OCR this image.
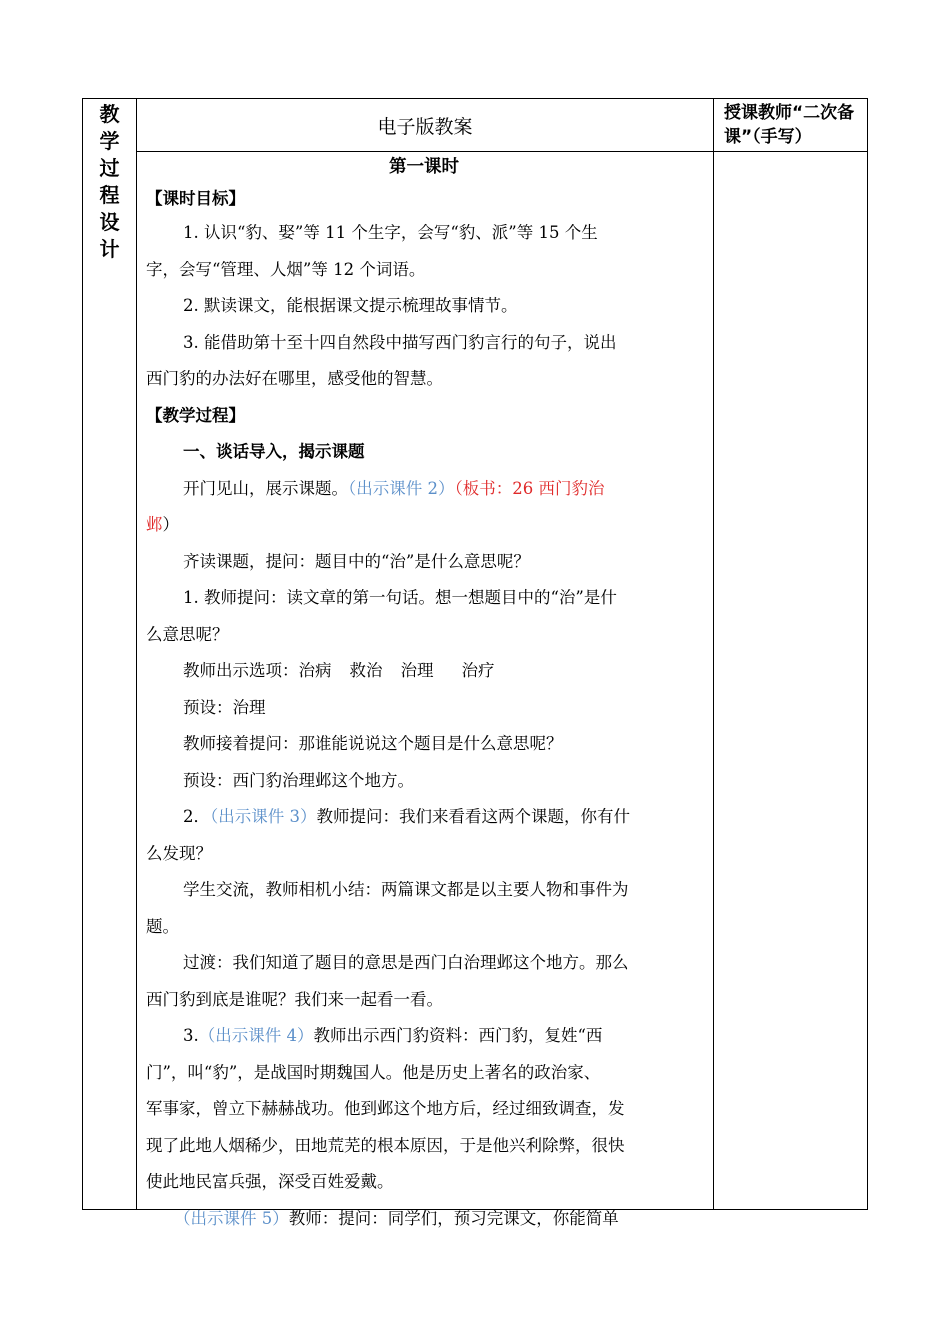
教
学
过
程
设
计
电子版教案
授课教师“二次备课”（手写）
第一课时
【课时目标】
1. 认识“豹、娶”等 11 个生字，会写“豹、派”等 15 个生
字，会写“管理、人烟”等 12 个词语。
2. 默读课文，能根据课文提示梳理故事情节。
3. 能借助第十至十四自然段中描写西门豹言行的句子，说出
西门豹的办法好在哪里，感受他的智慧。
【教学过程】
一、谈话导入，揭示课题
开门见山，展示课题。（出示课件 2）（板书：26 西门豹治
邺）
齐读课题，提问：题目中的“治”是什么意思呢？
1. 教师提问：读文章的第一句话。想一想题目中的“治”是什
么意思呢？
教师出示选项：治病 救治 治理 治疗
预设：治理
教师接着提问：那谁能说说这个题目是什么意思呢？
预设：西门豹治理邺这个地方。
2．（出示课件 3）教师提问：我们来看看这两个课题，你有什
么发现？
学生交流，教师相机小结：两篇课文都是以主要人物和事件为
题。
过渡：我们知道了题目的意思是西门白治理邺这个地方。那么
西门豹到底是谁呢？我们来一起看一看。
3.（出示课件 4）教师出示西门豹资料：西门豹，复姓“西
门”，叫“豹”，是战国时期魏国人。他是历史上著名的政治家、
军事家，曾立下赫赫战功。他到邺这个地方后，经过细致调查，发
现了此地人烟稀少，田地荒芜的根本原因，于是他兴利除弊，很快
使此地民富兵强，深受百姓爱戴。
（出示课件 5）教师：提问：同学们，预习完课文，你能简单
